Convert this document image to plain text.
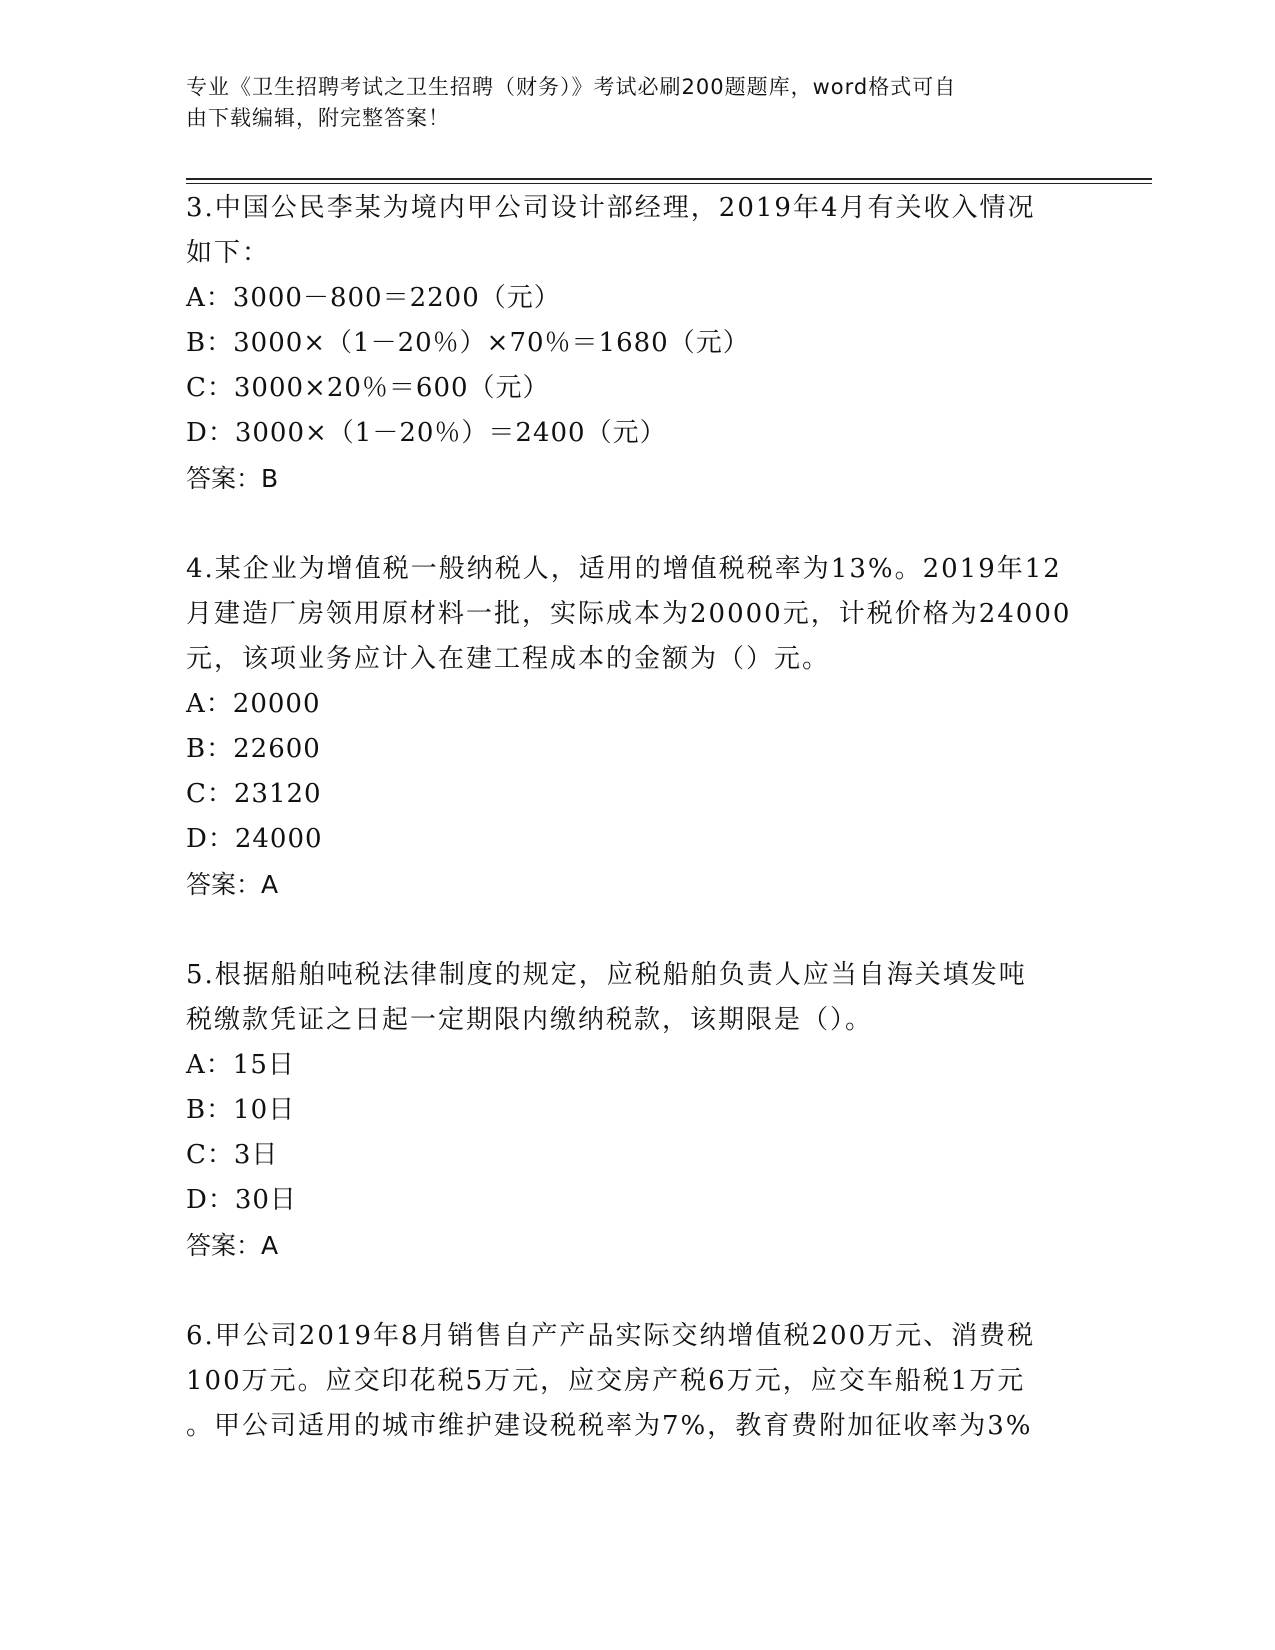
专业《卫生招聘考试之卫生招聘（财务）》考试必刷200题题库，word格式可自
由下载编辑，附完整答案！

3.中国公民李某为境内甲公司设计部经理，2019年4月有关收入情况

如下：

A：3000－800＝2200（元）

B：3000×（1－20％）×70％＝1680（元）

C：3000×20％＝600（元）

D：3000×（1－20％）＝2400（元）

答案：B

4.某企业为增值税一般纳税人，适用的增值税税率为13%。2019年12

月建造厂房领用原材料一批，实际成本为20000元，计税价格为24000

元，该项业务应计入在建工程成本的金额为（）元。

A：20000

B：22600

C：23120

D：24000

答案：A

5.根据船舶吨税法律制度的规定，应税船舶负责人应当自海关填发吨

税缴款凭证之日起一定期限内缴纳税款，该期限是（）。

A：15日

B：10日

C：3日

D：30日

答案：A

6.甲公司2019年8月销售自产产品实际交纳增值税200万元、消费税

100万元。应交印花税5万元，应交房产税6万元，应交车船税1万元

。甲公司适用的城市维护建设税税率为7%，教育费附加征收率为3%
